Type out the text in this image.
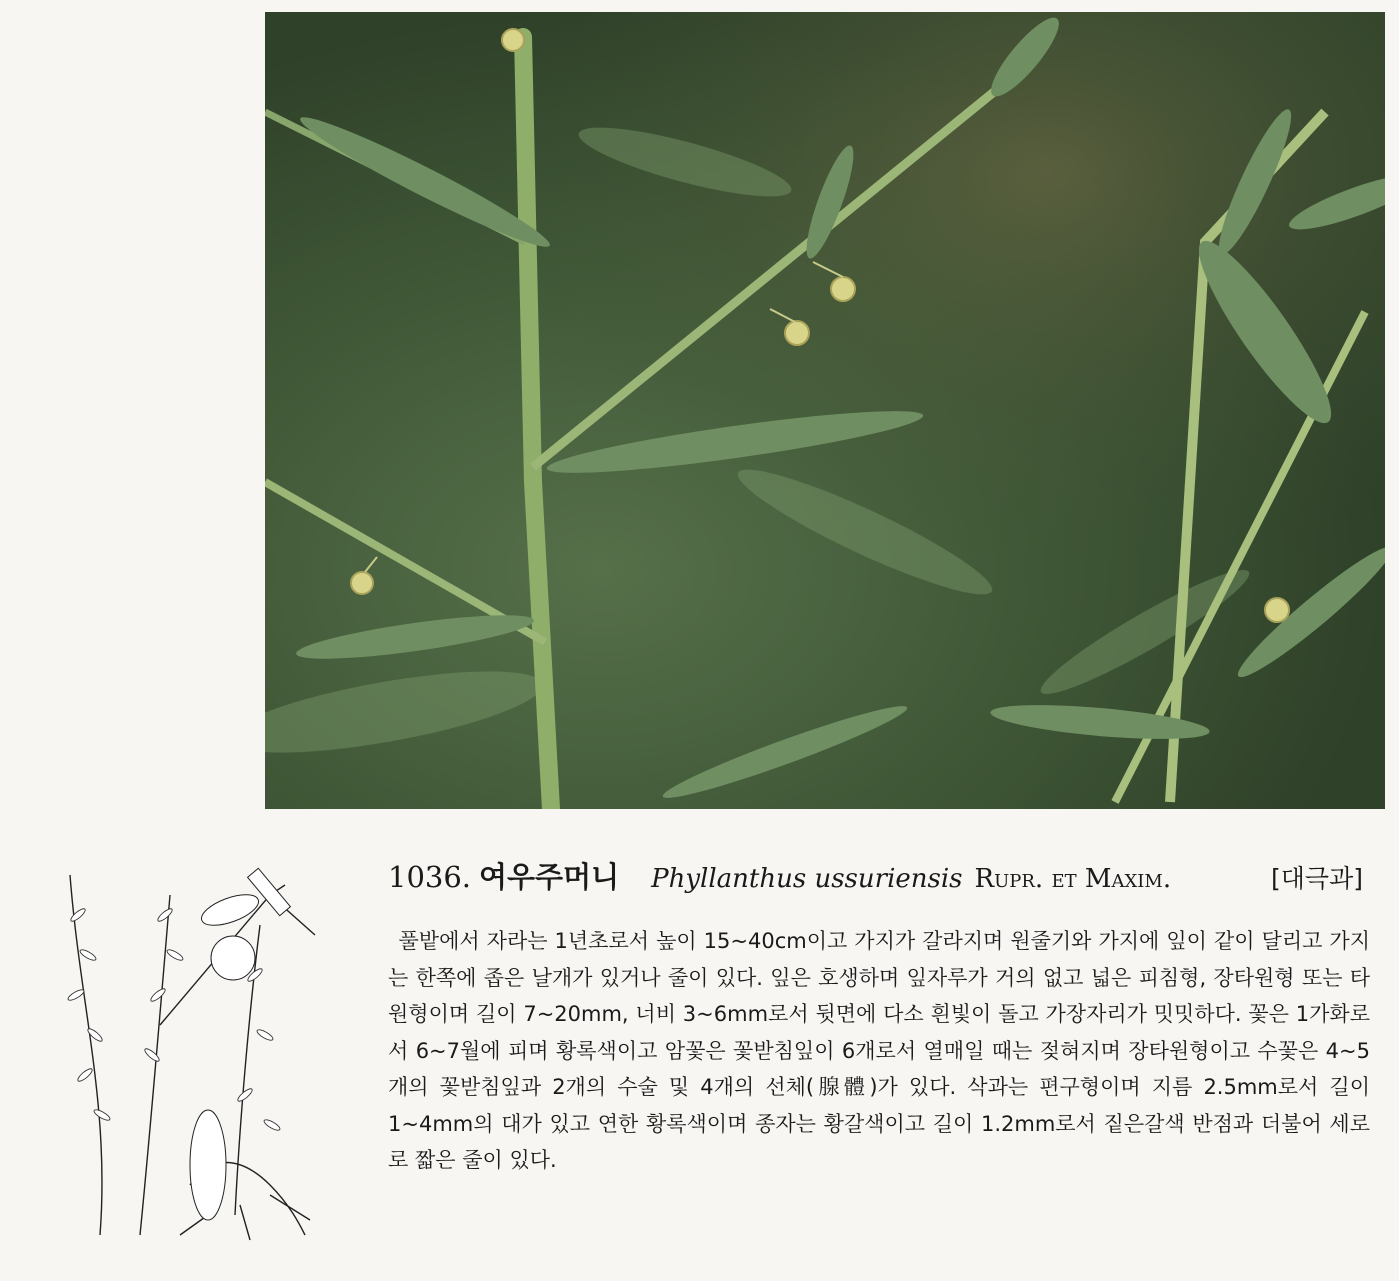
1036. 여우주머니 Phyllanthus ussuriensis Rupr. et Maxim.	[대극과]

풀밭에서 자라는 1년초로서 높이 15~40cm이고 가지가 갈라지며 원줄기와 가지에 잎이 같이 달리고 가지는 한쪽에 좁은 날개가 있거나 줄이 있다. 잎은 호생하며 잎자루가 거의 없고 넓은 피침형, 장타원형 또는 타원형이며 길이 7~20mm, 너비 3~6mm로서 뒷면에 다소 흰빛이 돌고 가장자리가 밋밋하다. 꽃은 1가화로서 6~7월에 피며 황록색이고 암꽃은 꽃받침잎이 6개로서 열매일 때는 젖혀지며 장타원형이고 수꽃은 4~5개의 꽃받침잎과 2개의 수술 및 4개의 선체(腺體)가 있다. 삭과는 편구형이며 지름 2.5mm로서 길이 1~4mm의 대가 있고 연한 황록색이며 종자는 황갈색이고 길이 1.2mm로서 짙은갈색 반점과 더불어 세로로 짧은 줄이 있다.
